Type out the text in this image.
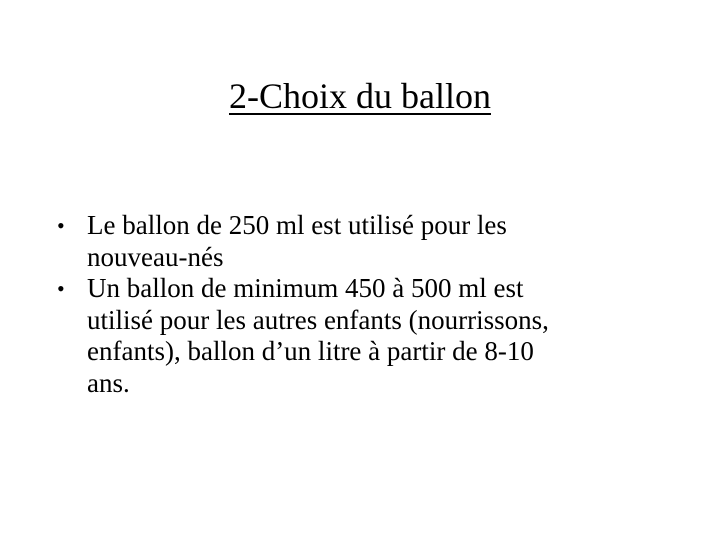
2-Choix du ballon
• Le ballon de 250 ml est utilisé pour les
nouveau-nés
• Un ballon de minimum 450 à 500 ml est
utilisé pour les autres enfants (nourrissons,
enfants), ballon d’un litre à partir de 8-10
ans.
